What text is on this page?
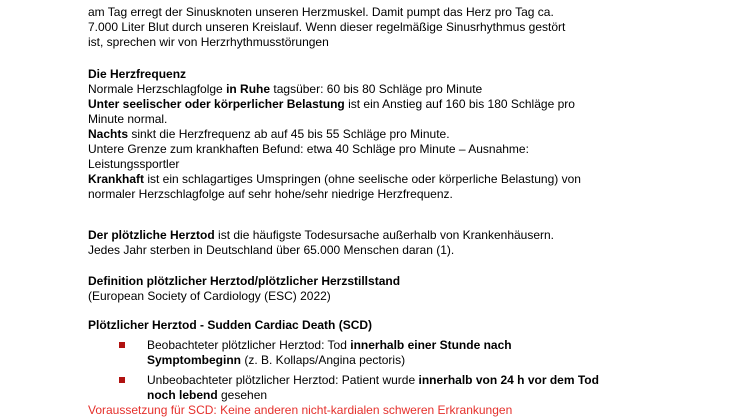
am Tag erregt der Sinusknoten unseren Herzmuskel. Damit pumpt das Herz pro Tag ca.
7.000 Liter Blut durch unseren Kreislauf. Wenn dieser regelmäßige Sinusrhythmus gestört
ist, sprechen wir von Herzrhythmusstörungen
Die Herzfrequenz
Normale Herzschlagfolge in Ruhe tagsüber: 60 bis 80 Schläge pro Minute
Unter seelischer oder körperlicher Belastung ist ein Anstieg auf 160 bis 180 Schläge pro
Minute normal.
Nachts sinkt die Herzfrequenz ab auf 45 bis 55 Schläge pro Minute.
Untere Grenze zum krankhaften Befund: etwa 40 Schläge pro Minute – Ausnahme:
Leistungssportler
Krankhaft ist ein schlagartiges Umspringen (ohne seelische oder körperliche Belastung) von
normaler Herzschlagfolge auf sehr hohe/sehr niedrige Herzfrequenz.
Der plötzliche Herztod ist die häufigste Todesursache außerhalb von Krankenhäusern.
Jedes Jahr sterben in Deutschland über 65.000 Menschen daran (1).
Definition plötzlicher Herztod/plötzlicher Herzstillstand
(European Society of Cardiology (ESC) 2022)
Plötzlicher Herztod - Sudden Cardiac Death (SCD)
Beobachteter plötzlicher Herztod: Tod innerhalb einer Stunde nach
Symptombeginn (z. B. Kollaps/Angina pectoris)
Unbeobachteter plötzlicher Herztod: Patient wurde innerhalb von 24 h vor dem Tod
noch lebend gesehen
Voraussetzung für SCD: Keine anderen nicht-kardialen schweren Erkrankungen
